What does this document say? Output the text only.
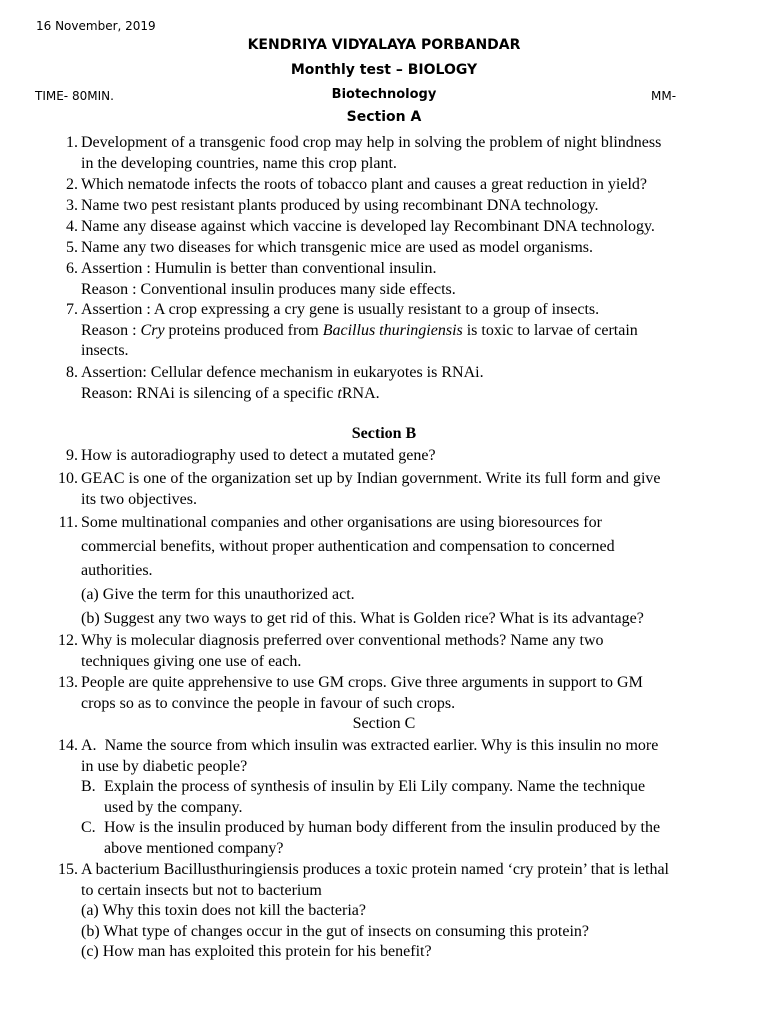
16 November, 2019
KENDRIYA VIDYALAYA PORBANDAR
Monthly test – BIOLOGY
TIME- 80MIN.	Biotechnology	MM-
Section A
1. Development of a transgenic food crop may help in solving the problem of night blindness
in the developing countries, name this crop plant.
2. Which nematode infects the roots of tobacco plant and causes a great reduction in yield?
3. Name two pest resistant plants produced by using recombinant DNA technology.
4. Name any disease against which vaccine is developed lay Recombinant DNA technology.
5. Name any two diseases for which transgenic mice are used as model organisms.
6. Assertion : Humulin is better than conventional insulin.
Reason : Conventional insulin produces many side effects.
7. Assertion : A crop expressing a cry gene is usually resistant to a group of insects.
Reason : Cry proteins produced from Bacillus thuringiensis is toxic to larvae of certain
insects.
8. Assertion: Cellular defence mechanism in eukaryotes is RNAi.
Reason: RNAi is silencing of a specific tRNA.
Section B
9. How is autoradiography used to detect a mutated gene?
10. GEAC is one of the organization set up by Indian government. Write its full form and give
its two objectives.
11. Some multinational companies and other organisations are using bioresources for
commercial benefits, without proper authentication and compensation to concerned
authorities.
(a) Give the term for this unauthorized act.
(b) Suggest any two ways to get rid of this. What is Golden rice? What is its advantage?
12. Why is molecular diagnosis preferred over conventional methods? Name any two
techniques giving one use of each.
13. People are quite apprehensive to use GM crops. Give three arguments in support to GM
crops so as to convince the people in favour of such crops.
Section C
14. A. Name the source from which insulin was extracted earlier. Why is this insulin no more
in use by diabetic people?
B. Explain the process of synthesis of insulin by Eli Lily company. Name the technique
used by the company.
C. How is the insulin produced by human body different from the insulin produced by the
above mentioned company?
15. A bacterium Bacillusthuringiensis produces a toxic protein named ‘cry protein’ that is lethal
to certain insects but not to bacterium
(a) Why this toxin does not kill the bacteria?
(b) What type of changes occur in the gut of insects on consuming this protein?
(c) How man has exploited this protein for his benefit?
